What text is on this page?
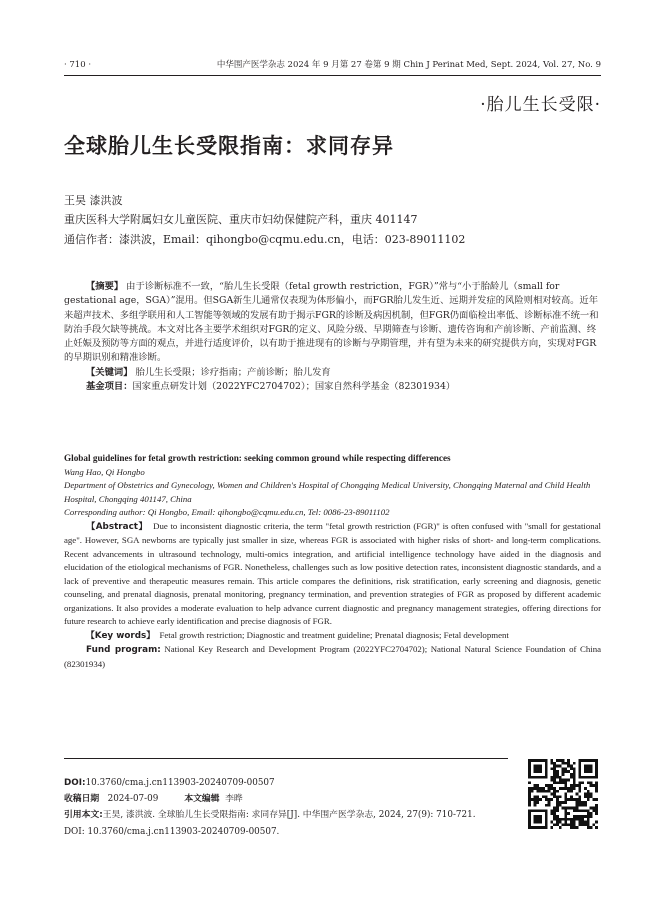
· 710 ·	中华围产医学杂志 2024 年 9 月第 27 卷第 9 期 Chin J Perinat Med, Sept. 2024, Vol. 27, No. 9
·胎儿生长受限·
全球胎儿生长受限指南：求同存异
王昊 漆洪波
重庆医科大学附属妇女儿童医院、重庆市妇幼保健院产科，重庆 401147
通信作者：漆洪波，Email：qihongbo@cqmu.edu.cn，电话：023-89011102

【摘要】 由于诊断标准不一致，“胎儿生长受限（fetal growth restriction，FGR）”常与“小于胎龄儿（small for gestational age，SGA）”混用。但SGA新生儿通常仅表现为体形偏小，而FGR胎儿发生近、远期并发症的风险则相对较高。近年来超声技术、多组学联用和人工智能等领域的发展有助于揭示FGR的诊断及病因机制，但FGR仍面临检出率低、诊断标准不统一和防治手段欠缺等挑战。本文对比各主要学术组织对FGR的定义、风险分级、早期筛查与诊断、遗传咨询和产前诊断、产前监测、终止妊娠及预防等方面的观点，并进行适度评价，以有助于推进现有的诊断与孕期管理，并有望为未来的研究提供方向，实现对FGR的早期识别和精准诊断。

【关键词】 胎儿生长受限；诊疗指南；产前诊断；胎儿发育

基金项目：国家重点研发计划（2022YFC2704702）；国家自然科学基金（82301934）

Global guidelines for fetal growth restriction: seeking common ground while respecting differences
Wang Hao, Qi Hongbo
Department of Obstetrics and Gynecology, Women and Children's Hospital of Chongqing Medical University, Chongqing Maternal and Child Health Hospital, Chongqing 401147, China
Corresponding author: Qi Hongbo, Email: qihongbo@cqmu.edu.cn, Tel: 0086-23-89011102

【Abstract】 Due to inconsistent diagnostic criteria, the term "fetal growth restriction (FGR)" is often confused with "small for gestational age". However, SGA newborns are typically just smaller in size, whereas FGR is associated with higher risks of short- and long-term complications. Recent advancements in ultrasound technology, multi-omics integration, and artificial intelligence technology have aided in the diagnosis and elucidation of the etiological mechanisms of FGR. Nonetheless, challenges such as low positive detection rates, inconsistent diagnostic standards, and a lack of preventive and therapeutic measures remain. This article compares the definitions, risk stratification, early screening and diagnosis, genetic counseling, and prenatal diagnosis, prenatal monitoring, pregnancy termination, and prevention strategies of FGR as proposed by different academic organizations. It also provides a moderate evaluation to help advance current diagnostic and pregnancy management strategies, offering directions for future research to achieve early identification and precise diagnosis of FGR.

【Key words】 Fetal growth restriction; Diagnostic and treatment guideline; Prenatal diagnosis; Fetal development

Fund program: National Key Research and Development Program (2022YFC2704702); National Natural Science Foundation of China (82301934)

DOI:10.3760/cma.j.cn113903-20240709-00507
收稿日期 2024-07-09	本文编辑 李晔
引用本文:王昊, 漆洪波. 全球胎儿生长受限指南: 求同存异[J]. 中华围产医学杂志, 2024, 27(9): 710-721.
DOI: 10.3760/cma.j.cn113903-20240709-00507.
